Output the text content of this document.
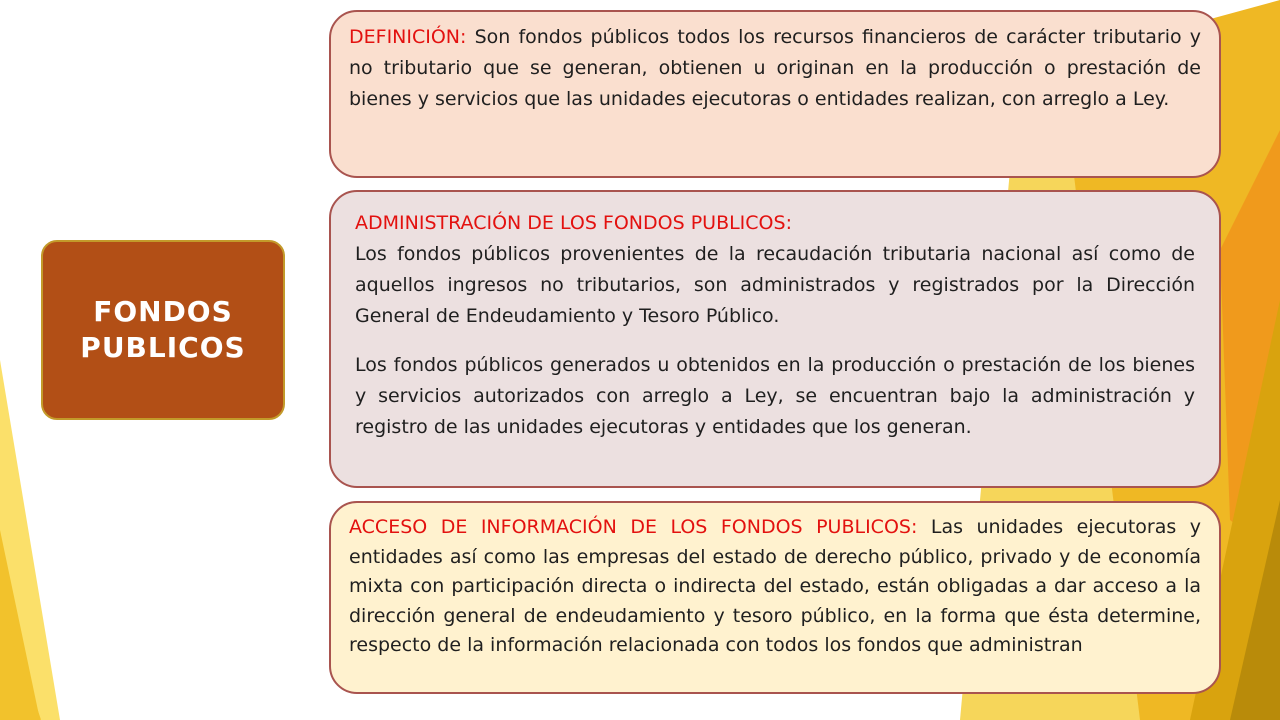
FONDOS
PUBLICOS

DEFINICIÓN: Son fondos públicos todos los recursos financieros de carácter tributario y no tributario que se generan, obtienen u originan en la producción o prestación de bienes y servicios que las unidades ejecutoras o entidades realizan, con arreglo a Ley.

ADMINISTRACIÓN DE LOS FONDOS PUBLICOS:

Los fondos públicos provenientes de la recaudación tributaria nacional así como de aquellos ingresos no tributarios, son administrados y registrados por la Dirección General de Endeudamiento y Tesoro Público.

Los fondos públicos generados u obtenidos en la producción o prestación de los bienes y servicios autorizados con arreglo a Ley, se encuentran bajo la administración y registro de las unidades ejecutoras y entidades que los generan.

ACCESO DE INFORMACIÓN DE LOS FONDOS PUBLICOS: Las unidades ejecutoras y entidades así como las empresas del estado de derecho público, privado y de economía mixta con participación directa o indirecta del estado, están obligadas a dar acceso a la dirección general de endeudamiento y tesoro público, en la forma que ésta determine, respecto de la información relacionada con todos los fondos que administran
